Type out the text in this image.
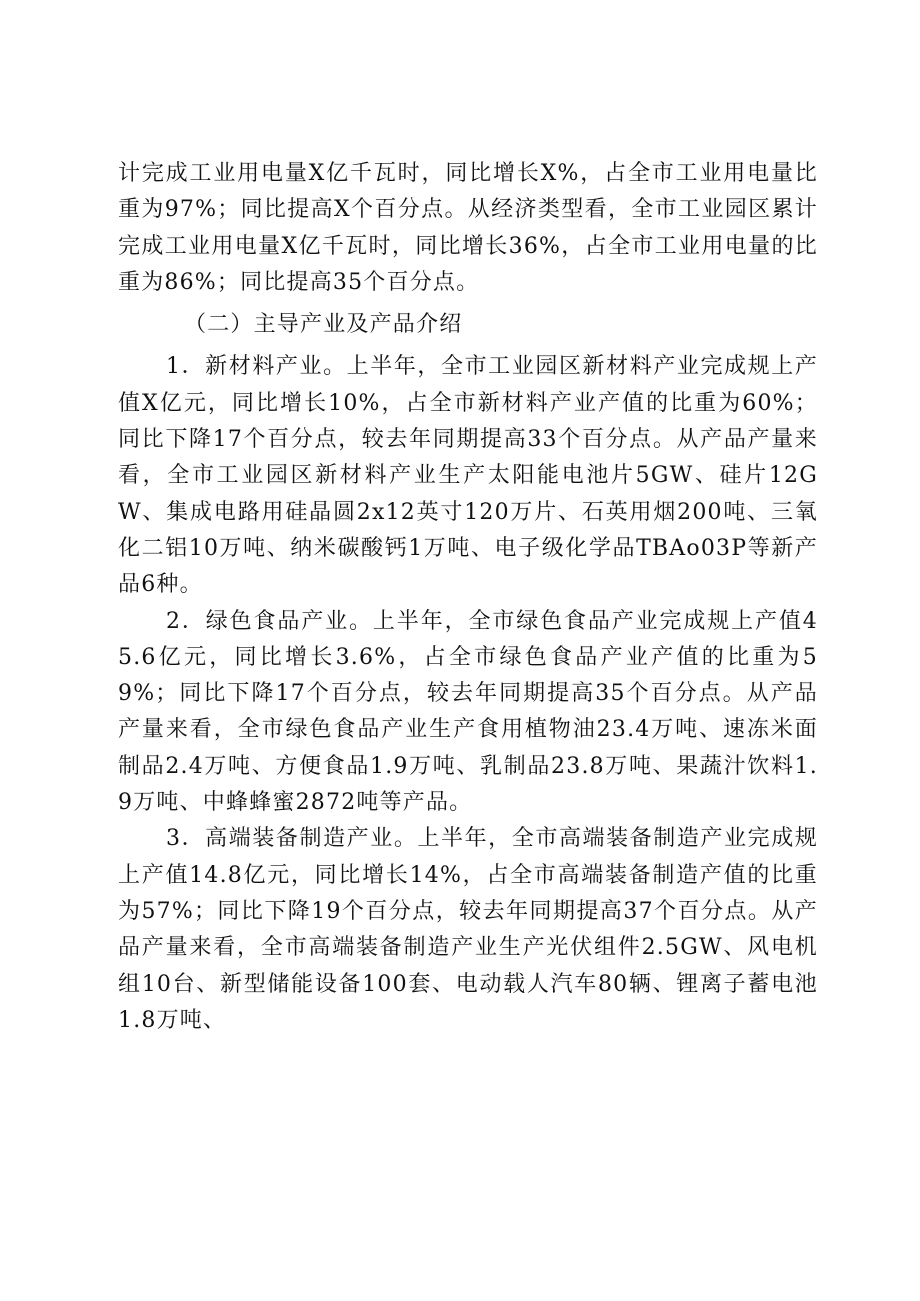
计完成工业用电量X亿千瓦时，同比增长X%，占全市工业用电量比重为97%；同比提高X个百分点。从经济类型看，全市工业园区累计完成工业用电量X亿千瓦时，同比增长36%，占全市工业用电量的比重为86%；同比提高35个百分点。

（二）主导产业及产品介绍

1．新材料产业。上半年，全市工业园区新材料产业完成规上产值X亿元，同比增长10%，占全市新材料产业产值的比重为60%；同比下降17个百分点，较去年同期提高33个百分点。从产品产量来看，全市工业园区新材料产业生产太阳能电池片5GW、硅片12GW、集成电路用硅晶圆2x12英寸120万片、石英用烟200吨、三氧化二铝10万吨、纳米碳酸钙1万吨、电子级化学品TBAo03P等新产品6种。

2．绿色食品产业。上半年，全市绿色食品产业完成规上产值45.6亿元，同比增长3.6%，占全市绿色食品产业产值的比重为59%；同比下降17个百分点，较去年同期提高35个百分点。从产品产量来看，全市绿色食品产业生产食用植物油23.4万吨、速冻米面制品2.4万吨、方便食品1.9万吨、乳制品23.8万吨、果蔬汁饮料1.9万吨、中蜂蜂蜜2872吨等产品。

3．高端装备制造产业。上半年，全市高端装备制造产业完成规上产值14.8亿元，同比增长14%，占全市高端装备制造产值的比重为57%；同比下降19个百分点，较去年同期提高37个百分点。从产品产量来看，全市高端装备制造产业生产光伏组件2.5GW、风电机组10台、新型储能设备100套、电动载人汽车80辆、锂离子蓄电池1.8万吨、
